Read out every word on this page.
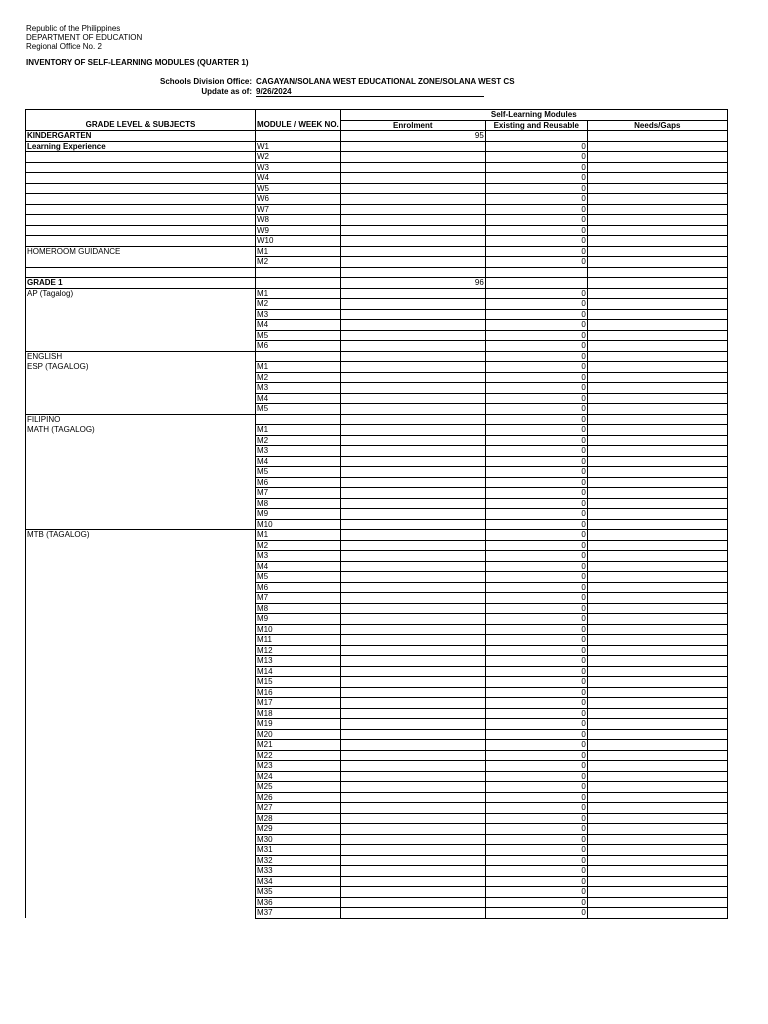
Republic of the Philippines
DEPARTMENT OF EDUCATION
Regional Office No. 2
INVENTORY OF SELF-LEARNING MODULES (QUARTER 1)
Schools Division Office: CAGAYAN/SOLANA WEST EDUCATIONAL ZONE/SOLANA WEST CS
Update as of: 9/26/2024
		Self-Learning Modules		
GRADE LEVEL & SUBJECTS	MODULE / WEEK NO.	Enrolment	Existing and Reusable	Needs/Gaps
KINDERGARTEN		95		
Learning Experience	W1		0	
	W2		0	
	W3		0	
	W4		0	
	W5		0	
	W6		0	
	W7		0	
	W8		0	
	W9		0	
	W10		0	
HOMEROOM GUIDANCE	M1		0	
	M2		0	

GRADE 1		96		
AP (Tagalog)	M1		0	
	M2		0	
	M3		0	
	M4		0	
	M5		0	
	M6		0	
ENGLISH			0	
ESP (TAGALOG)	M1		0	
	M2		0	
	M3		0	
	M4		0	
	M5		0	
FILIPINO			0	
MATH (TAGALOG)	M1		0	
	M2		0	
	M3		0	
	M4		0	
	M5		0	
	M6		0	
	M7		0	
	M8		0	
	M9		0	
	M10		0	
MTB (TAGALOG)	M1		0	
	M2		0	
	M3		0	
	M4		0	
	M5		0	
	M6		0	
	M7		0	
	M8		0	
	M9		0	
	M10		0	
	M11		0	
	M12		0	
	M13		0	
	M14		0	
	M15		0	
	M16		0	
	M17		0	
	M18		0	
	M19		0	
	M20		0	
	M21		0	
	M22		0	
	M23		0	
	M24		0	
	M25		0	
	M26		0	
	M27		0	
	M28		0	
	M29		0	
	M30		0	
	M31		0	
	M32		0	
	M33		0	
	M34		0	
	M35		0	
	M36		0	
	M37		0	
